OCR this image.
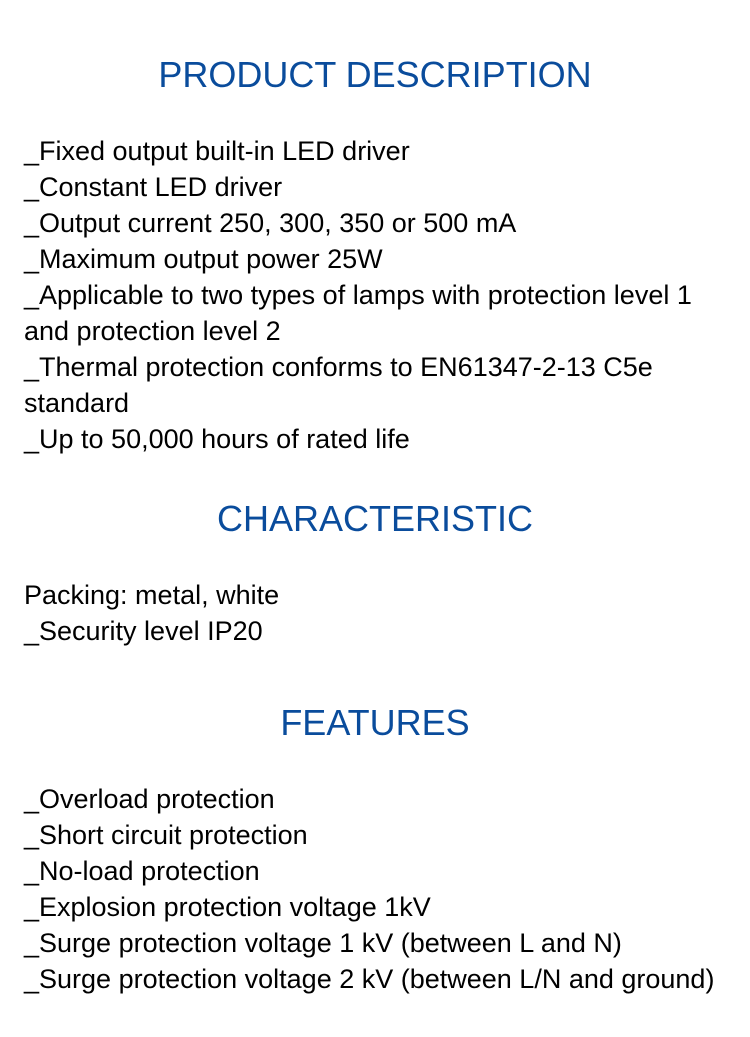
PRODUCT DESCRIPTION
_Fixed output built-in LED driver
_Constant LED driver
_Output current 250, 300, 350 or 500 mA
_Maximum output power 25W
_Applicable to two types of lamps with protection level 1 and protection level 2
_Thermal protection conforms to EN61347-2-13 C5e standard
_Up to 50,000 hours of rated life
CHARACTERISTIC
Packing: metal, white
_Security level IP20
FEATURES
_Overload protection
_Short circuit protection
_No-load protection
_Explosion protection voltage 1kV
_Surge protection voltage 1 kV (between L and N)
_Surge protection voltage 2 kV (between L/N and ground)
